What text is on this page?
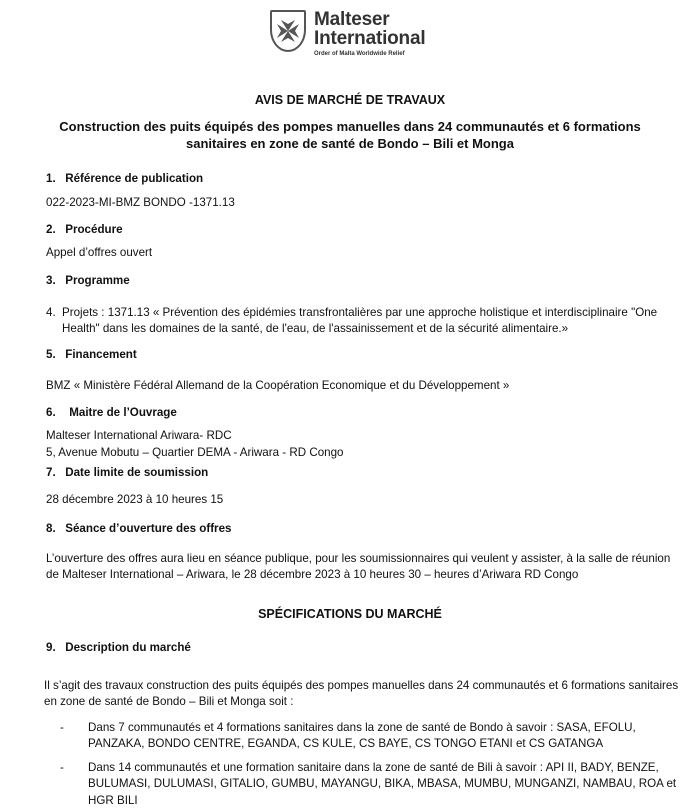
Malteser
International
Order of Malta Worldwide Relief
AVIS DE MARCHÉ DE TRAVAUX
Construction des puits équipés des pompes manuelles dans 24 communautés et 6 formations sanitaires en zone de santé de Bondo – Bili et Monga
1. Référence de publication
022-2023-MI-BMZ BONDO -1371.13
2. Procédure
Appel d’offres ouvert
3. Programme
4. Projets : 1371.13 « Prévention des épidémies transfrontalières par une approche holistique et interdisciplinaire "One Health" dans les domaines de la santé, de l'eau, de l'assainissement et de la sécurité alimentaire.»
5. Financement
BMZ « Ministère Fédéral Allemand de la Coopération Economique et du Développement »
6. Maitre de l’Ouvrage
Malteser International Ariwara- RDC
5, Avenue Mobutu – Quartier DEMA - Ariwara - RD Congo
7. Date limite de soumission
28 décembre 2023 à 10 heures 15
8. Séance d’ouverture des offres
L’ouverture des offres aura lieu en séance publique, pour les soumissionnaires qui veulent y assister, à la salle de réunion de Malteser International – Ariwara, le 28 décembre 2023 à 10 heures 30 – heures d’Ariwara RD Congo
SPÉCIFICATIONS DU MARCHÉ
9. Description du marché
Il s’agit des travaux construction des puits équipés des pompes manuelles dans 24 communautés et 6 formations sanitaires en zone de santé de Bondo – Bili et Monga soit :
- Dans 7 communautés et 4 formations sanitaires dans la zone de santé de Bondo à savoir : SASA, EFOLU, PANZAKA, BONDO CENTRE, EGANDA, CS KULE, CS BAYE, CS TONGO ETANI et CS GATANGA
- Dans 14 communautés et une formation sanitaire dans la zone de santé de Bili à savoir : API II, BADY, BENZE, BULUMASI, DULUMASI, GITALIO, GUMBU, MAYANGU, BIKA, MBASA, MUMBU, MUNGANZI, NAMBAU, ROA et HGR BILI
